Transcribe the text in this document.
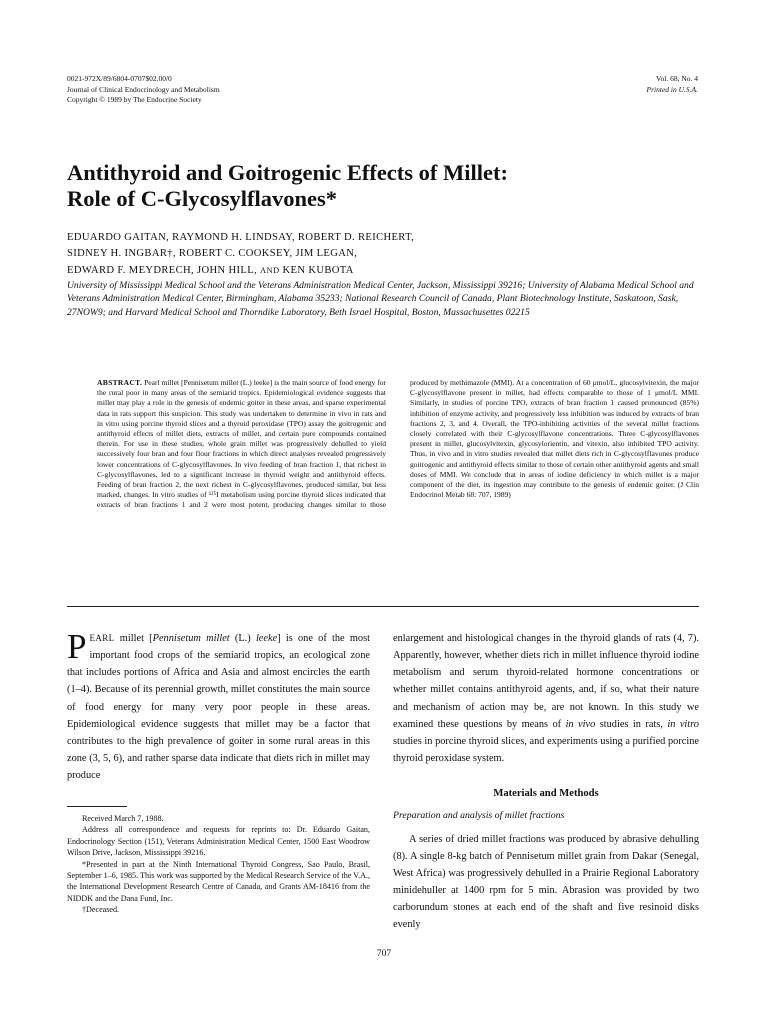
0021-972X/89/6804-0707$02.00/0
Journal of Clinical Endocrinology and Metabolism
Copyright © 1989 by The Endocrine Society
Vol. 68, No. 4
Printed in U.S.A.
Antithyroid and Goitrogenic Effects of Millet:
Role of C-Glycosylflavones*
EDUARDO GAITAN, RAYMOND H. LINDSAY, ROBERT D. REICHERT,
SIDNEY H. INGBAR†, ROBERT C. COOKSEY, JIM LEGAN,
EDWARD F. MEYDRECH, JOHN HILL, AND KEN KUBOTA
University of Mississippi Medical School and the Veterans Administration Medical Center, Jackson, Mississippi 39216; University of Alabama Medical School and Veterans Administration Medical Center, Birmingham, Alabama 35233; National Research Council of Canada, Plant Biotechnology Institute, Saskatoon, Sask, 27NOW9; and Harvard Medical School and Thorndike Laboratory, Beth Israel Hospital, Boston, Massachusettes 02215
ABSTRACT. Pearl millet [Pennisetum millet (L.) leeke] is the main source of food energy for the rural poor in many areas of the semiarid tropics. Epidemiological evidence suggests that millet may play a role in the genesis of endemic goiter in these areas, and sparse experimental data in rats support this suspicion. This study was undertaken to determine in vivo in rats and in vitro using porcine thyroid slices and a thyroid peroxidase (TPO) assay the goitrogenic and antithyroid effects of millet diets, extracts of millet, and certain pure compounds contained therein. For use in these studies, whole grain millet was progressively dehulled to yield successively four bran and four flour fractions in which direct analyses revealed progressively lower concentrations of C-glycosylflavones. In vivo feeding of bran fraction 1, that richest in C-glycosylflavones, led to a significant increase in thyroid weight and antithyroid effects. Feeding of bran fraction 2, the next richest in C-glycosylflavones, produced similar, but less marked, changes. In vitro studies of ¹²⁵I metabolism using porcine thyroid slices indicated that extracts of bran fractions 1 and 2 were most potent, producing changes similar to those produced by methimazole (MMI). At a concentration of 60 μmol/L, glucosylvitexin, the major C-glycosylflavone present in millet, had effects comparable to those of 1 μmol/L MMI. Similarly, in studies of porcine TPO, extracts of bran fraction 1 caused pronounced (85%) inhibition of enzyme activity, and progressively less inhibition was induced by extracts of bran fractions 2, 3, and 4. Overall, the TPO-inhibiting activities of the several millet fractions closely correlated with their C-glycosylflavone concentrations. Three C-glycosylflavones present in millet, glucosylvitexin, glycosylorientin, and vitexin, also inhibited TPO activity. Thus, in vivo and in vitro studies revealed that millet diets rich in C-glycosylflavones produce goitrogenic and antithyroid effects similar to those of certain other antithyroid agents and small doses of MMI. We conclude that in areas of iodine deficiency in which millet is a major component of the diet, its ingestion may contribute to the genesis of endemic goiter. (J Clin Endocrinol Metab 68: 707, 1989)
PEARL millet [Pennisetum millet (L.) leeke] is one of the most important food crops of the semiarid tropics, an ecological zone that includes portions of Africa and Asia and almost encircles the earth (1–4). Because of its perennial growth, millet constitutes the main source of food energy for many very poor people in these areas. Epidemiological evidence suggests that millet may be a factor that contributes to the high prevalence of goiter in some rural areas in this zone (3, 5, 6), and rather sparse data indicate that diets rich in millet may produce

Received March 7, 1988.

Address all correspondence and requests for reprints to: Dr. Eduardo Gaitan, Endocrinology Section (151), Veterans Administration Medical Center, 1500 East Woodrow Wilson Drive, Jackson, Mississippi 39216.

*Presented in part at the Ninth International Thyroid Congress, Sao Paulo, Brasil, September 1–6, 1985. This work was supported by the Medical Research Service of the V.A., the International Development Research Centre of Canada, and Grants AM-18416 from the NIDDK and the Dana Fund, Inc.

†Deceased.

enlargement and histological changes in the thyroid glands of rats (4, 7). Apparently, however, whether diets rich in millet influence thyroid iodine metabolism and serum thyroid-related hormone concentrations or whether millet contains antithyroid agents, and, if so, what their nature and mechanism of action may be, are not known. In this study we examined these questions by means of in vivo studies in rats, in vitro studies in porcine thyroid slices, and experiments using a purified porcine thyroid peroxidase system.

Materials and Methods

Preparation and analysis of millet fractions

A series of dried millet fractions was produced by abrasive dehulling (8). A single 8-kg batch of Pennisetum millet grain from Dakar (Senegal, West Africa) was progressively dehulled in a Prairie Regional Laboratory minidehuller at 1400 rpm for 5 min. Abrasion was provided by two carborundum stones at each end of the shaft and five resinoid disks evenly

707
